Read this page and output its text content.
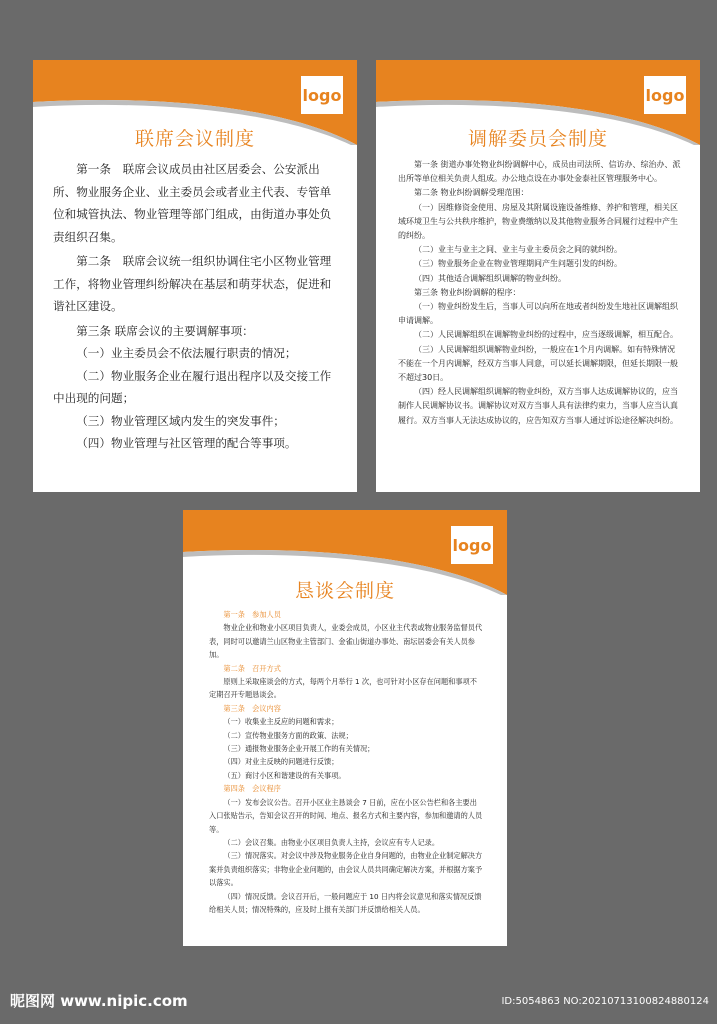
logo
联席会议制度

第一条　联席会议成员由社区居委会、公安派出所、物业服务企业、业主委员会或者业主代表、专管单位和城管执法、物业管理等部门组成，由街道办事处负责组织召集。

第二条　联席会议统一组织协调住宅小区物业管理工作，将物业管理纠纷解决在基层和萌芽状态，促进和谐社区建设。

第三条 联席会议的主要调解事项：

（一）业主委员会不依法履行职责的情况；

（二）物业服务企业在履行退出程序以及交接工作中出现的问题；

（三）物业管理区域内发生的突发事件；

（四）物业管理与社区管理的配合等事项。

logo
调解委员会制度

第一条 街道办事处物业纠纷调解中心，成员由司法所、信访办、综治办、派出所等单位相关负责人组成。办公地点设在办事处金泰社区管理服务中心。

第二条 物业纠纷调解受理范围：

（一）因维修资金使用、房屋及其附属设施设备维修、养护和管理，相关区域环境卫生与公共秩序维护，物业费缴纳以及其他物业服务合同履行过程中产生的纠纷。

（二）业主与业主之间、业主与业主委员会之间的就纠纷。

（三）物业服务企业在物业管理期间产生问题引发的纠纷。

（四）其他适合调解组织调解的物业纠纷。

第三条 物业纠纷调解的程序：

（一）物业纠纷发生后，当事人可以向所在地或者纠纷发生地社区调解组织申请调解。

（二）人民调解组织在调解物业纠纷的过程中，应当逐级调解，相互配合。

（三）人民调解组织调解物业纠纷，一般应在1个月内调解。如有特殊情况不能在一个月内调解，经双方当事人同意，可以延长调解期限，但延长期限一般不超过30日。

（四）经人民调解组织调解的物业纠纷，双方当事人达成调解协议的，应当制作人民调解协议书。调解协议对双方当事人具有法律约束力，当事人应当认真履行。双方当事人无法达成协议的，应告知双方当事人通过诉讼途径解决纠纷。

logo
恳谈会制度

第一条　参加人员

物业企业和物业小区项目负责人，业委会成员，小区业主代表或物业服务监督员代表，同时可以邀请兰山区物业主管部门、金雀山街道办事处、南坛居委会有关人员参加。

第二条　召开方式

原则上采取座谈会的方式，每两个月举行 1 次，也可针对小区存在问题和事项不定期召开专题恳谈会。

第三条　会议内容

（一）收集业主反应的问题和需求；

（二）宣传物业服务方面的政策、法规；

（三）通报物业服务企业开展工作的有关情况；

（四）对业主反映的问题进行反馈；

（五）商讨小区和谐建设的有关事项。

第四条　会议程序

（一）发布会议公告。召开小区业主恳谈会 7 日前，应在小区公告栏和各主要出入口张贴告示，告知会议召开的时间、地点、报名方式和主要内容，参加和邀请的人员等。

（二）会议召集。由物业小区项目负责人主持，会议应有专人记录。

（三）情况落实。对会议中涉及物业服务企业自身问题的，由物业企业制定解决方案并负责组织落实；非物业企业问题的，由会议人员共同确定解决方案，并根据方案予以落实。

（四）情况反馈。会议召开后，一般问题应于 10 日内将会议意见和落实情况反馈给相关人员；情况特殊的，应及时上报有关部门并反馈给相关人员。

昵图网 www.nipic.com	ID:5054863 NO:20210713100824880124
